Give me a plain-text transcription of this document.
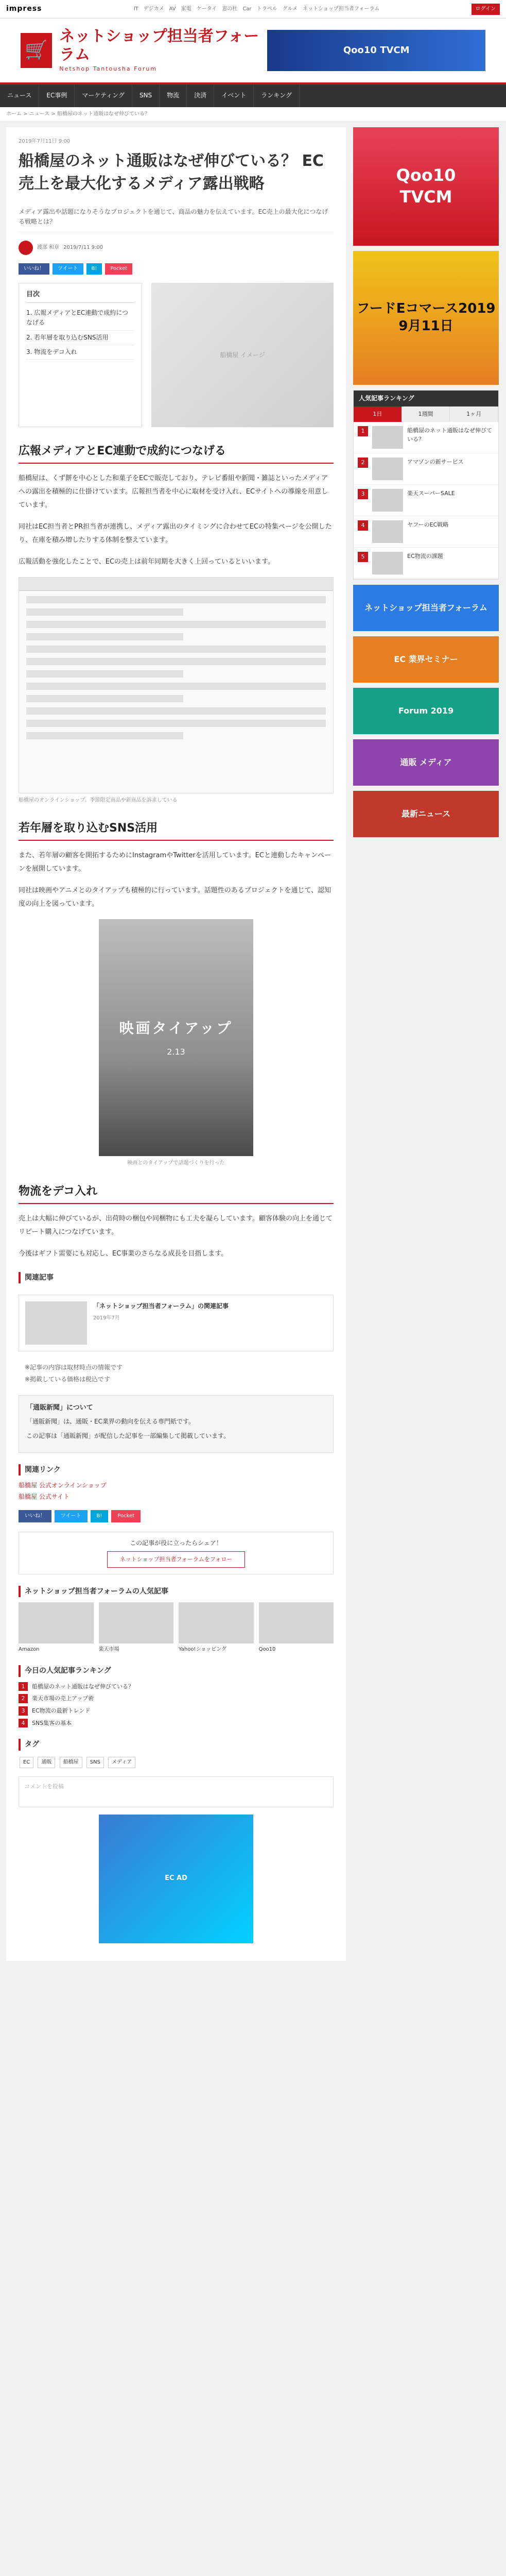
impress	IT デジカメ AV 家電 ケータイ 窓の杜 Car トラベル グルメ ネットショップ担当者フォーラム	ログイン
🛒
ネットショップ担当者フォーラム
Netshop Tantousha Forum
Qoo10 TVCM
ニュース	EC事例	マーケティング	SNS	物流	決済	イベント	ランキング
ホーム > ニュース > 船橋屋のネット通販はなぜ伸びている？
2019年7月11日 9:00
船橋屋のネット通販はなぜ伸びている？ EC売上を最大化するメディア露出戦略
メディア露出や話題になりそうなプロジェクトを通じて、商品の魅力を伝えています。EC売上の最大化につなげる戦略とは？
渡部 和章 2019/7/11 9:00
いいね！	ツイート	B!	Pocket
目次
1. 広報メディアとEC連動で成約につなげる
2. 若年層を取り込むSNS活用
3. 物流をデコ入れ	船橋屋 イメージ
広報メディアとEC連動で成約につなげる

船橋屋は、くず餅を中心とした和菓子をECで販売しており、テレビ番組や新聞・雑誌といったメディアへの露出を積極的に仕掛けています。広報担当者を中心に取材を受け入れ、ECサイトへの導線を用意しています。

同社はEC担当者とPR担当者が連携し、メディア露出のタイミングに合わせてECの特集ページを公開したり、在庫を積み増したりする体制を整えています。

広報活動を強化したことで、ECの売上は前年同期を大きく上回っているといいます。

船橋屋のオンラインショップ。季節限定商品や新商品を訴求している
若年層を取り込むSNS活用

また、若年層の顧客を開拓するためにInstagramやTwitterを活用しています。ECと連動したキャンペーンを展開しています。

同社は映画やアニメとのタイアップも積極的に行っています。話題性のあるプロジェクトを通じて、認知度の向上を図っています。

映画タイアップ
2.13
映画とのタイアップで話題づくりを行った
物流をデコ入れ

売上は大幅に伸びているが、出荷時の梱包や同梱物にも工夫を凝らしています。顧客体験の向上を通じてリピート購入につなげています。

今後はギフト需要にも対応し、EC事業のさらなる成長を目指します。

関連記事
「ネットショップ担当者フォーラム」の関連記事
2019年7月
※記事の内容は取材時点の情報です
※掲載している価格は税込です
「通販新聞」について

「通販新聞」は、通販・EC業界の動向を伝える専門紙です。

この記事は「通販新聞」が配信した記事を一部編集して掲載しています。

関連リンク
船橋屋 公式オンラインショップ
船橋屋 公式サイト
いいね！	ツイート	B!	Pocket
この記事が役に立ったらシェア！
ネットショップ担当者フォーラムをフォロー
ネットショップ担当者フォーラムの人気記事
Amazon	楽天市場	Yahoo!ショッピング	Qoo10
今日の人気記事ランキング
1	船橋屋のネット通販はなぜ伸びている？
2	楽天市場の売上アップ術
3	EC物流の最新トレンド
4	SNS集客の基本
タグ
EC 通販 船橋屋 SNS メディア
コメントを投稿
EC AD
Qoo10
TVCM
フードEコマース2019
9月11日
人気記事ランキング
1日	1週間	1ヶ月
1	船橋屋のネット通販はなぜ伸びている？
2	アマゾンの新サービス
3	楽天スーパーSALE
4	ヤフーのEC戦略
5	EC物流の課題
ネットショップ担当者フォーラム
EC 業界セミナー
Forum 2019
通販 メディア
最新ニュース
